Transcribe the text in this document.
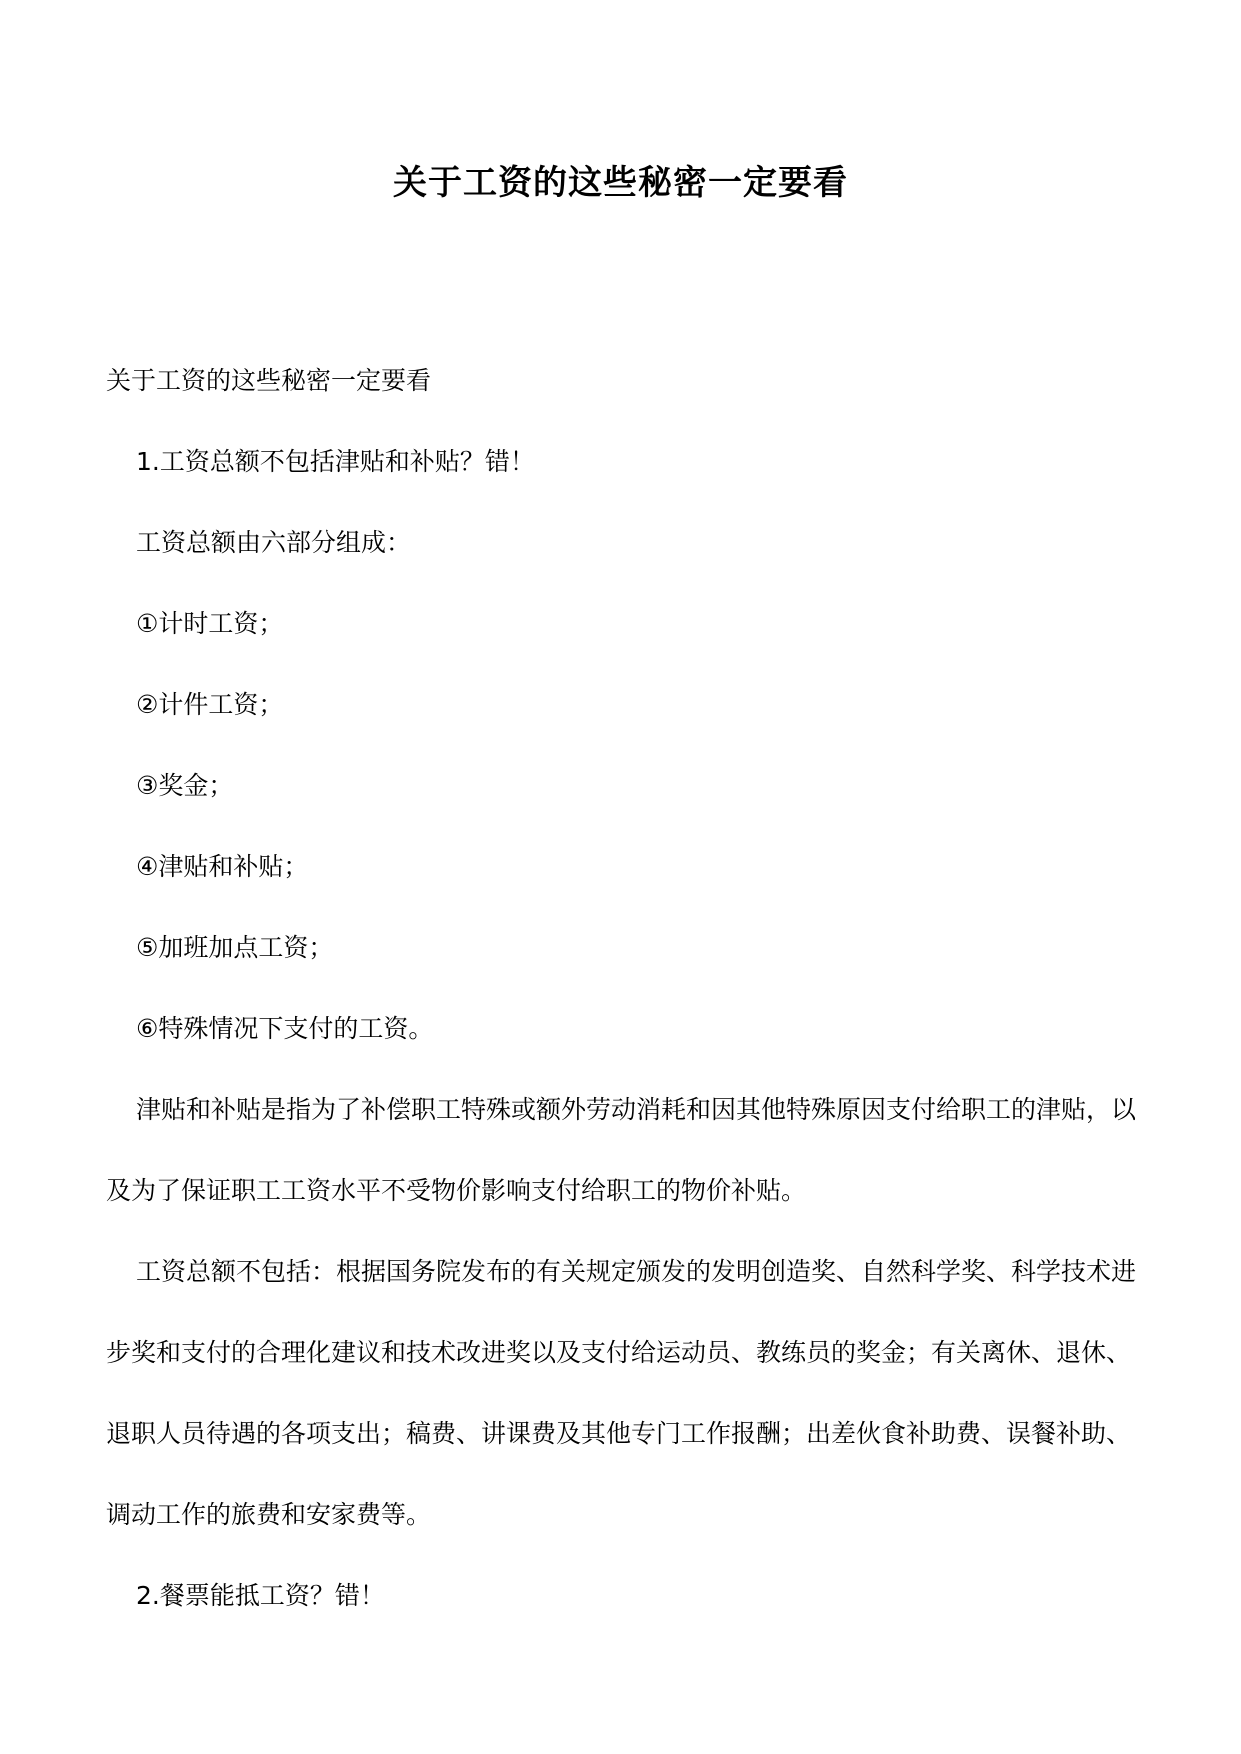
关于工资的这些秘密一定要看

关于工资的这些秘密一定要看

1.工资总额不包括津贴和补贴？错！

工资总额由六部分组成：

①计时工资；

②计件工资；

③奖金；

④津贴和补贴；

⑤加班加点工资；

⑥特殊情况下支付的工资。

津贴和补贴是指为了补偿职工特殊或额外劳动消耗和因其他特殊原因支付给职工的津贴，以及为了保证职工工资水平不受物价影响支付给职工的物价补贴。

工资总额不包括：根据国务院发布的有关规定颁发的发明创造奖、自然科学奖、科学技术进步奖和支付的合理化建议和技术改进奖以及支付给运动员、教练员的奖金；有关离休、退休、退职人员待遇的各项支出；稿费、讲课费及其他专门工作报酬；出差伙食补助费、误餐补助、调动工作的旅费和安家费等。

2.餐票能抵工资？错！
